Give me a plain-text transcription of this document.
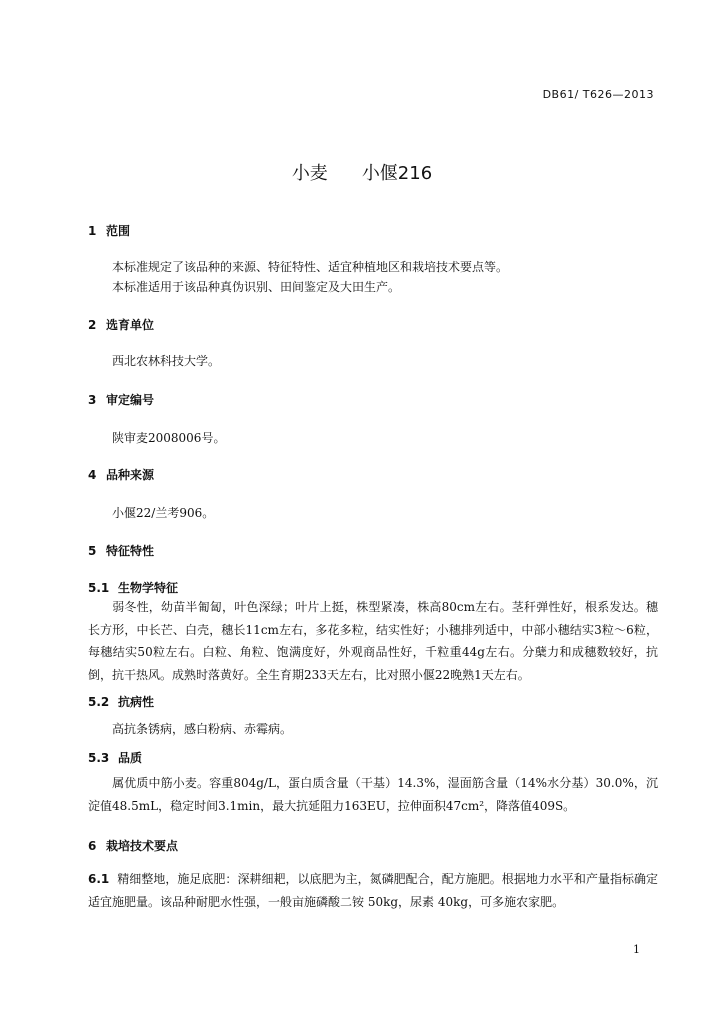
DB61/ T626—2013
小麦 小偃216
1 范围
本标准规定了该品种的来源、特征特性、适宜种植地区和栽培技术要点等。
本标准适用于该品种真伪识别、田间鉴定及大田生产。
2 选育单位
西北农林科技大学。
3 审定编号
陕审麦2008006号。
4 品种来源
小偃22/兰考906。
5 特征特性
5.1 生物学特征
弱冬性，幼苗半匍匐，叶色深绿；叶片上挺，株型紧凑，株高80cm左右。茎秆弹性好，根系发达。穗长方形，中长芒、白壳，穗长11cm左右，多花多粒，结实性好；小穗排列适中，中部小穗结实3粒～6粒，每穗结实50粒左右。白粒、角粒、饱满度好，外观商品性好，千粒重44g左右。分蘖力和成穗数较好，抗倒，抗干热风。成熟时落黄好。全生育期233天左右，比对照小偃22晚熟1天左右。
5.2 抗病性
高抗条锈病，感白粉病、赤霉病。
5.3 品质
属优质中筋小麦。容重804g/L，蛋白质含量（干基）14.3%，湿面筋含量（14%水分基）30.0%，沉淀值48.5mL，稳定时间3.1min，最大抗延阻力163EU，拉伸面积47cm²，降落值409S。
6 栽培技术要点
6.1 精细整地，施足底肥：深耕细耙，以底肥为主，氮磷肥配合，配方施肥。根据地力水平和产量指标确定适宜施肥量。该品种耐肥水性强，一般亩施磷酸二铵 50kg，尿素 40kg，可多施农家肥。
1
